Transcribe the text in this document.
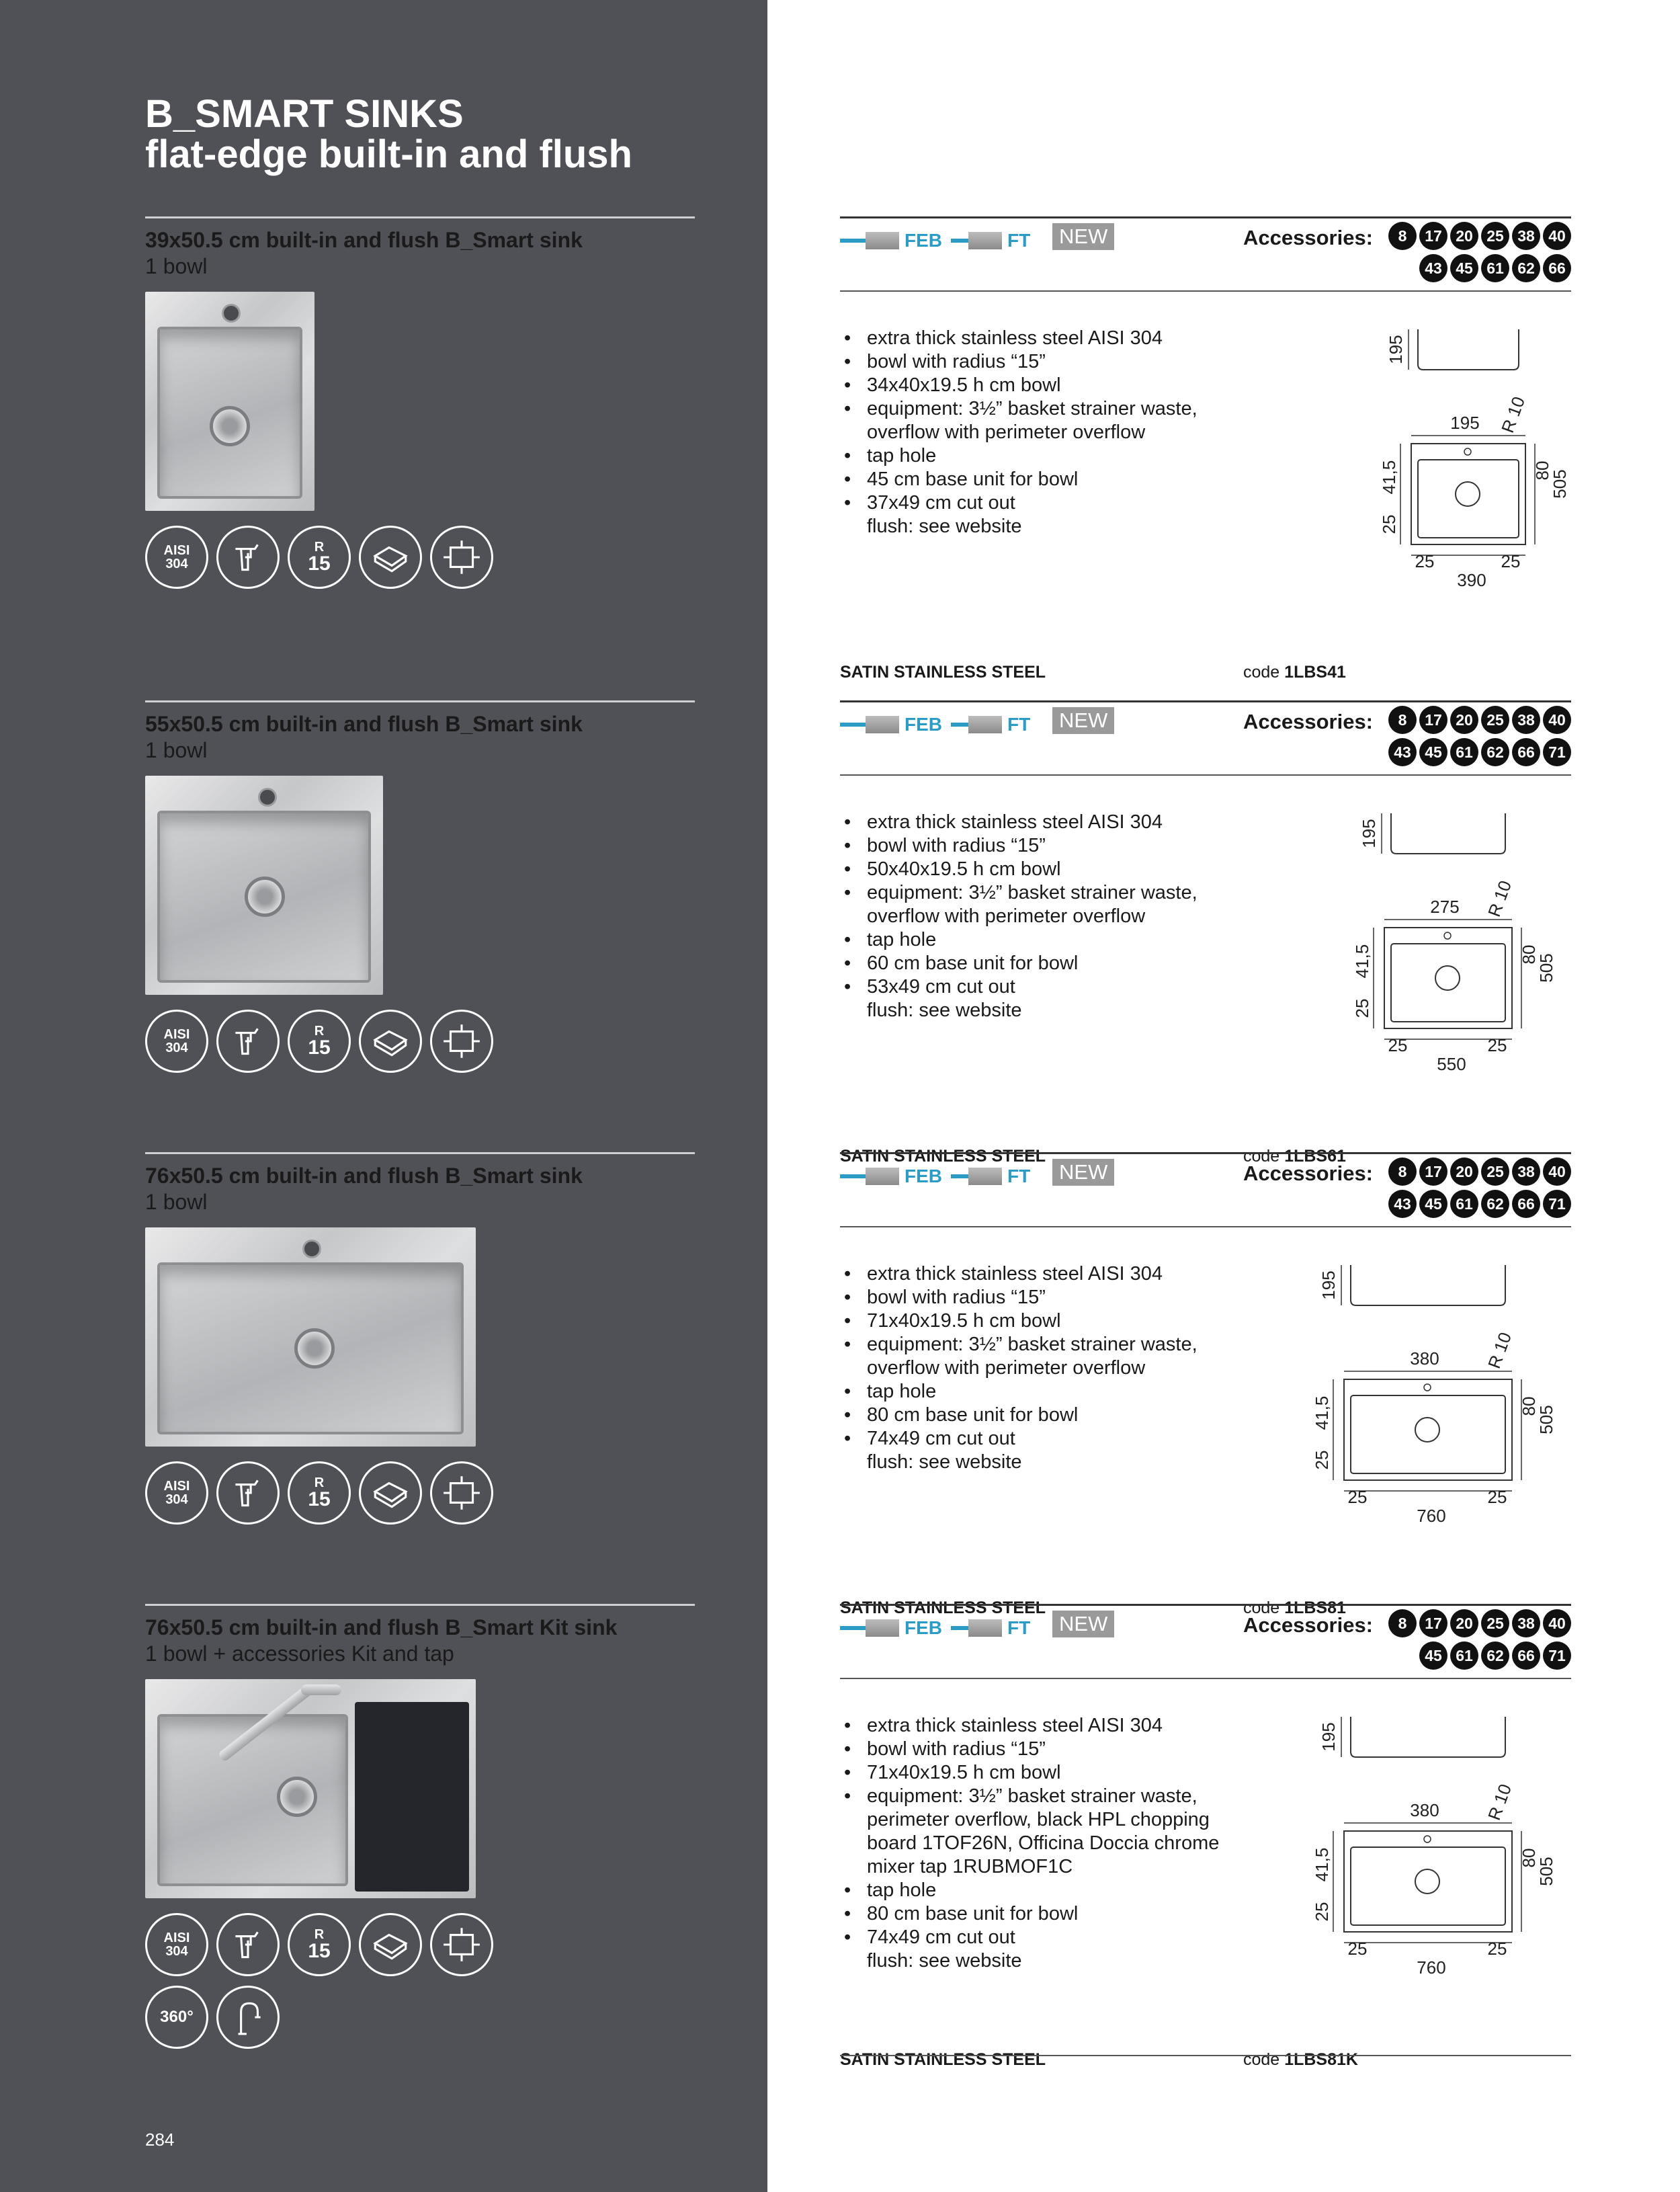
B_SMART SINKS
flat-edge built-in and flush
284
39x50.5 cm built-in and flush B_Smart sink
1 bowl
AISI
304
R
15
FEB	FT	NEW	Accessories:	8	17 20 25 38 40
43 45 61 62 66
• extra thick stainless steel AISI 304
• bowl with radius “15”
• 34x40x19.5 h cm bowl
• equipment: 3½” basket strainer waste,
overflow with perimeter overflow
• tap hole
• 45 cm base unit for bowl
• 37x49 cm cut out
flush: see website
SATIN STAINLESS STEEL	code 1LBS41
195
195 R 10
41,5
25
80
505
25	25
390
55x50.5 cm built-in and flush B_Smart sink
1 bowl
AISI
304
R
15
FEB	FT	NEW	Accessories:	8	17 20 25 38 40
43 45 61 62 66 71
• extra thick stainless steel AISI 304
• bowl with radius “15”
• 50x40x19.5 h cm bowl
• equipment: 3½” basket strainer waste,
overflow with perimeter overflow
• tap hole
• 60 cm base unit for bowl
• 53x49 cm cut out
flush: see website
SATIN STAINLESS STEEL	code 1LBS61
195
275 R 10
41,5
25
80
505
25	25
550
76x50.5 cm built-in and flush B_Smart sink
1 bowl
AISI
304
R
15
FEB	FT	NEW	Accessories:	8	17 20 25 38 40
43 45 61 62 66 71
• extra thick stainless steel AISI 304
• bowl with radius “15”
• 71x40x19.5 h cm bowl
• equipment: 3½” basket strainer waste,
overflow with perimeter overflow
• tap hole
• 80 cm base unit for bowl
• 74x49 cm cut out
flush: see website
SATIN STAINLESS STEEL	code 1LBS81
195
380	R 10
41,5
25
80
505
25	25
760
76x50.5 cm built-in and flush B_Smart Kit sink
1 bowl + accessories Kit and tap
AISI
304
R
15
360°
FEB	FT	NEW	Accessories:	8	17 20 25 38 40
45 61 62 66 71
• extra thick stainless steel AISI 304
• bowl with radius “15”
• 71x40x19.5 h cm bowl
• equipment: 3½” basket strainer waste,
perimeter overflow, black HPL chopping
board 1TOF26N, Officina Doccia chrome
mixer tap 1RUBMOF1C
• tap hole
• 80 cm base unit for bowl
• 74x49 cm cut out
flush: see website
SATIN STAINLESS STEEL	code 1LBS81K
195
380	R 10
41,5
25
80
505
25	25
760
